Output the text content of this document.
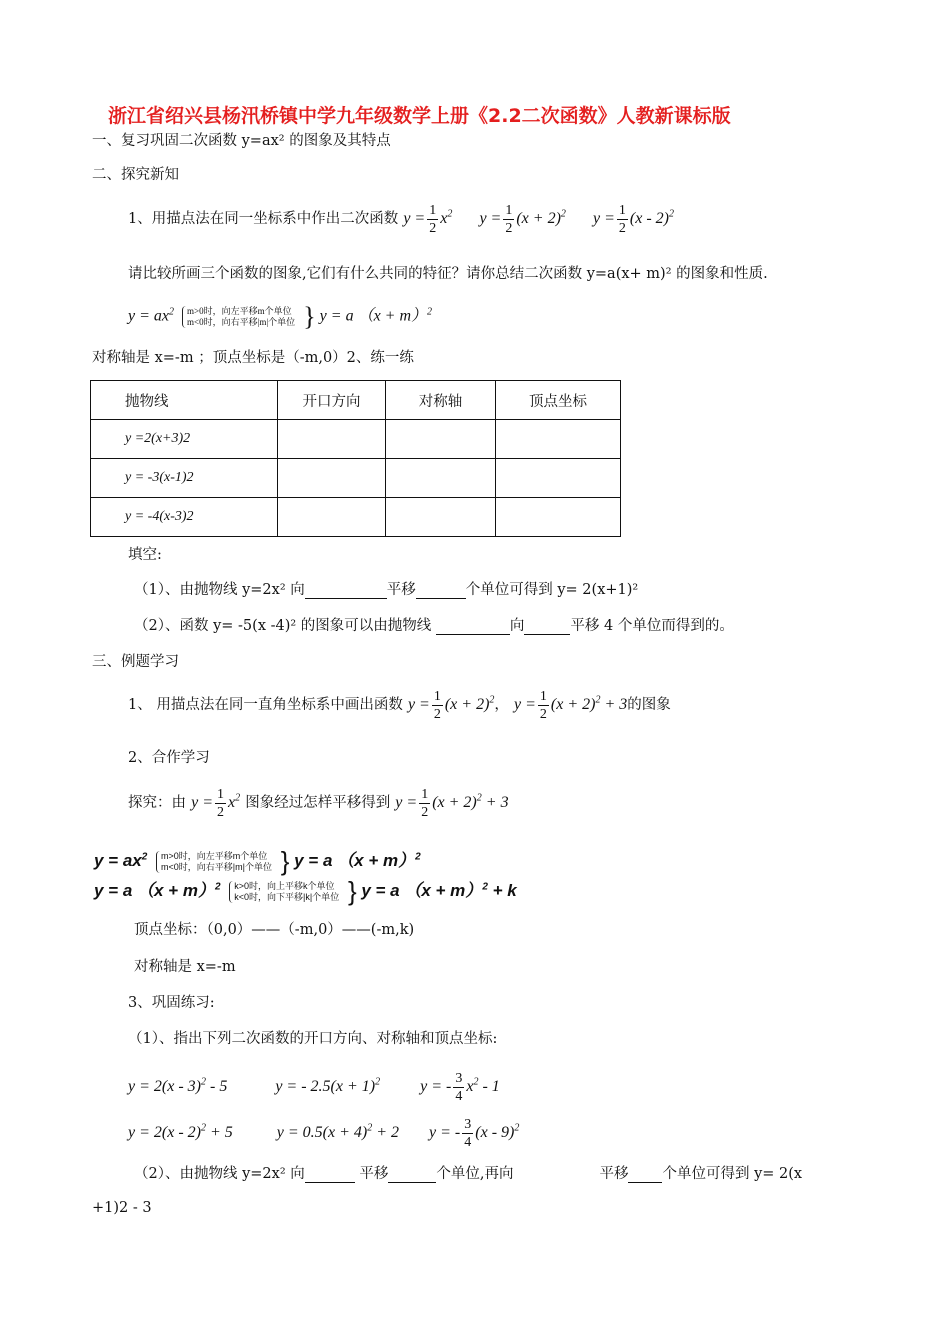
浙江省绍兴县杨汛桥镇中学九年级数学上册《2.2二次函数》人教新课标版
一、复习巩固二次函数 y=ax² 的图象及其特点
二、探究新知
1、用描点法在同一坐标系中作出二次函数 $y = \frac{1}{2} x^2$ $y = \frac{1}{2} (x + 2)^2$ $y = \frac{1}{2} (x - 2)^2$
请比较所画三个函数的图象,它们有什么共同的特征？请你总结二次函数 y=a(x+ m)² 的图象和性质.
$y = ax^2$ m>0时，向左平移m个单位
m<0时，向右平移|m|个单位 } y = a $(x + m)^2$
对称轴是 x=-m ；顶点坐标是（-m,0）2、练一练
抛物线	开口方向	对称轴	顶点坐标
y =2(x+3)2			
y = -3(x-1)2			
y = -4(x-3)2			
填空:
（1）、由抛物线 y=2x² 向	平移	个单位可得到 y= 2(x+1)²
（2）、函数 y= -5(x -4)² 的图象可以由抛物线	向	平移 4 个单位而得到的。
三、例题学习
1、 用描点法在同一直角坐标系中画出函数 $y = \frac{1}{2} (x + 2)^2$， $y = \frac{1}{2} (x + 2)^2 + 3$的图象
2、合作学习
探究：由 $y = \frac{1}{2} x^2$ 图象经过怎样平移得到 $y = \frac{1}{2} (x + 2)^2 + 3$
$y = ax^2$ m>0时，向左平移m个单位
m<0时，向右平移|m|个单位 } y = a $(x + m)^2$
y = a $(x + m)^2$ k>0时，向上平移k个单位
k<0时，向下平移|k|个单位 } y = a $(x + m)^2 + k$
顶点坐标：（0,0）——（-m,0）——(-m,k)
对称轴是 x=-m
3、巩固练习:
（1）、指出下列二次函数的开口方向、对称轴和顶点坐标:
y = 2(x - 3)$^2$ - 5	y = - $2.5(x + 1)^2$	y = - $\frac{3}{4} x^2 - 1$
y = 2(x - 2)$^2$ + 5	$y = 0.5(x + 4)^2 + 2$ y = - $\frac{3}{4} (x - 9)^2$
（2）、由抛物线 y=2x² 向	平移	个单位,再向	平移 个单位可得到 y= 2(x
+1)2 - 3
